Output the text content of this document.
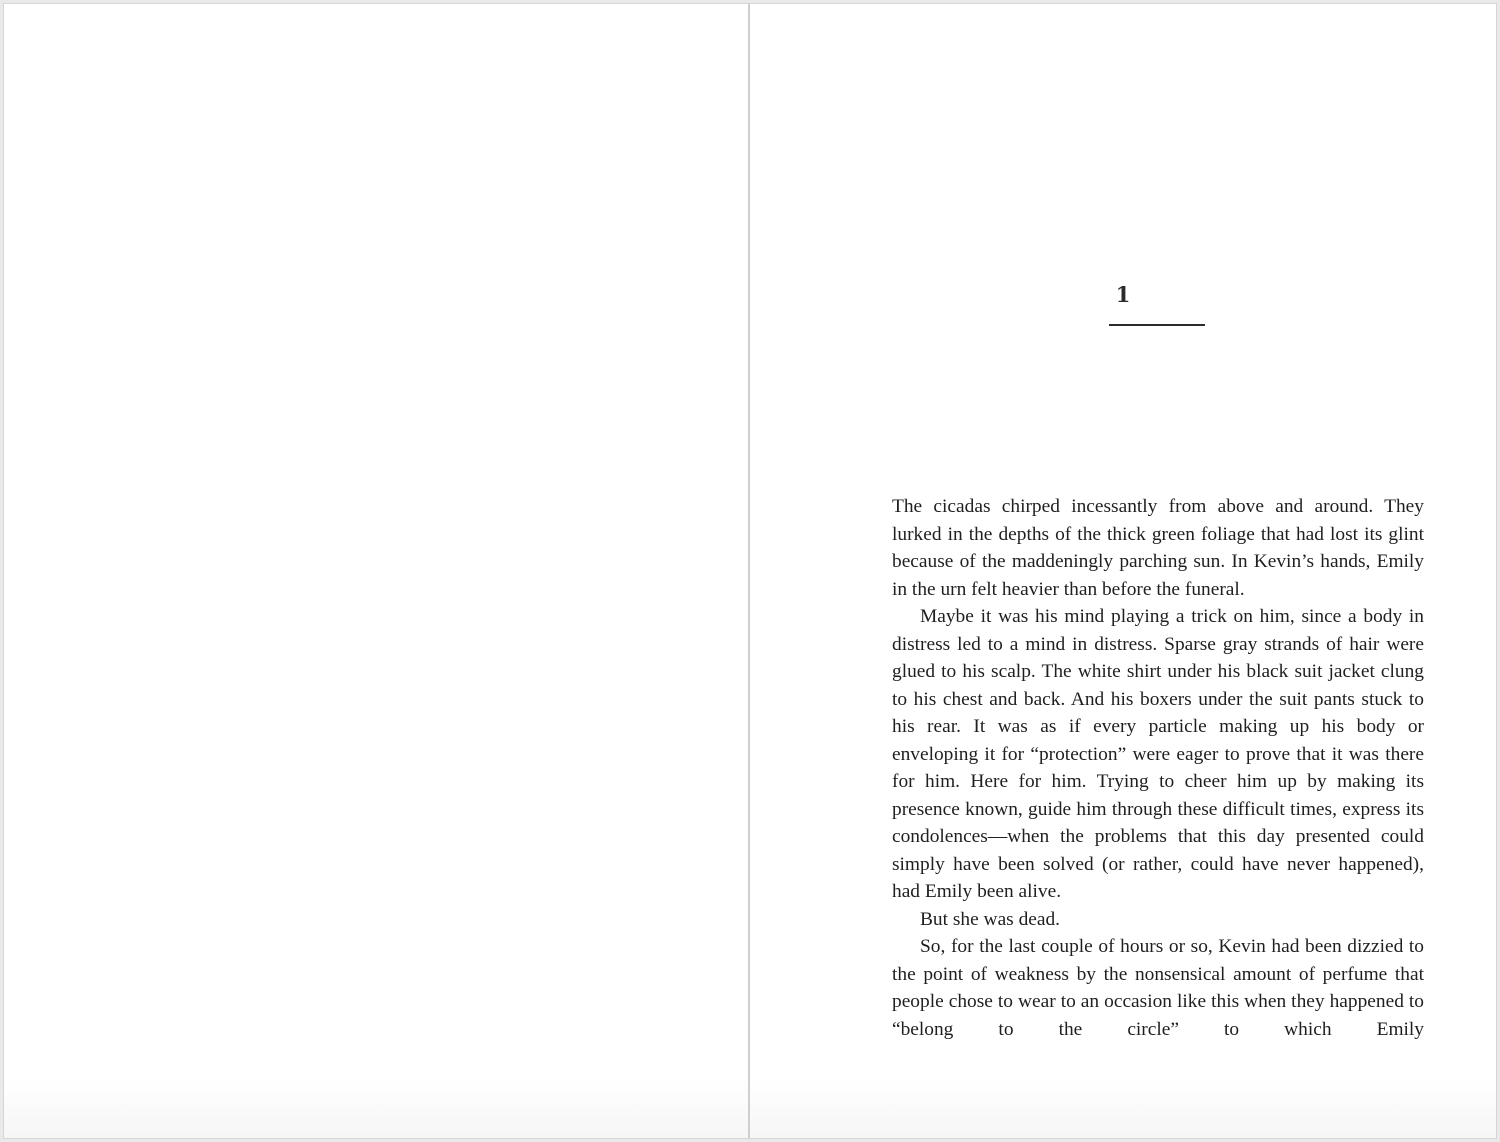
1

The cicadas chirped incessantly from above and around. They lurked in the depths of the thick green foliage that had lost its glint because of the maddeningly parching sun. In Kevin’s hands, Emily in the urn felt heavier than before the funeral.

Maybe it was his mind playing a trick on him, since a body in distress led to a mind in distress. Sparse gray strands of hair were glued to his scalp. The white shirt under his black suit jacket clung to his chest and back. And his boxers under the suit pants stuck to his rear. It was as if every particle making up his body or enveloping it for “protection” were eager to prove that it was there for him. Here for him. Trying to cheer him up by making its presence known, guide him through these difficult times, express its condolences—when the problems that this day presented could simply have been solved (or rather, could have never happened), had Emily been alive.

But she was dead.

So, for the last couple of hours or so, Kevin had been dizzied to the point of weakness by the nonsensical amount of perfume that people chose to wear to an occasion like this when they happened to “belong to the circle” to which Emily
